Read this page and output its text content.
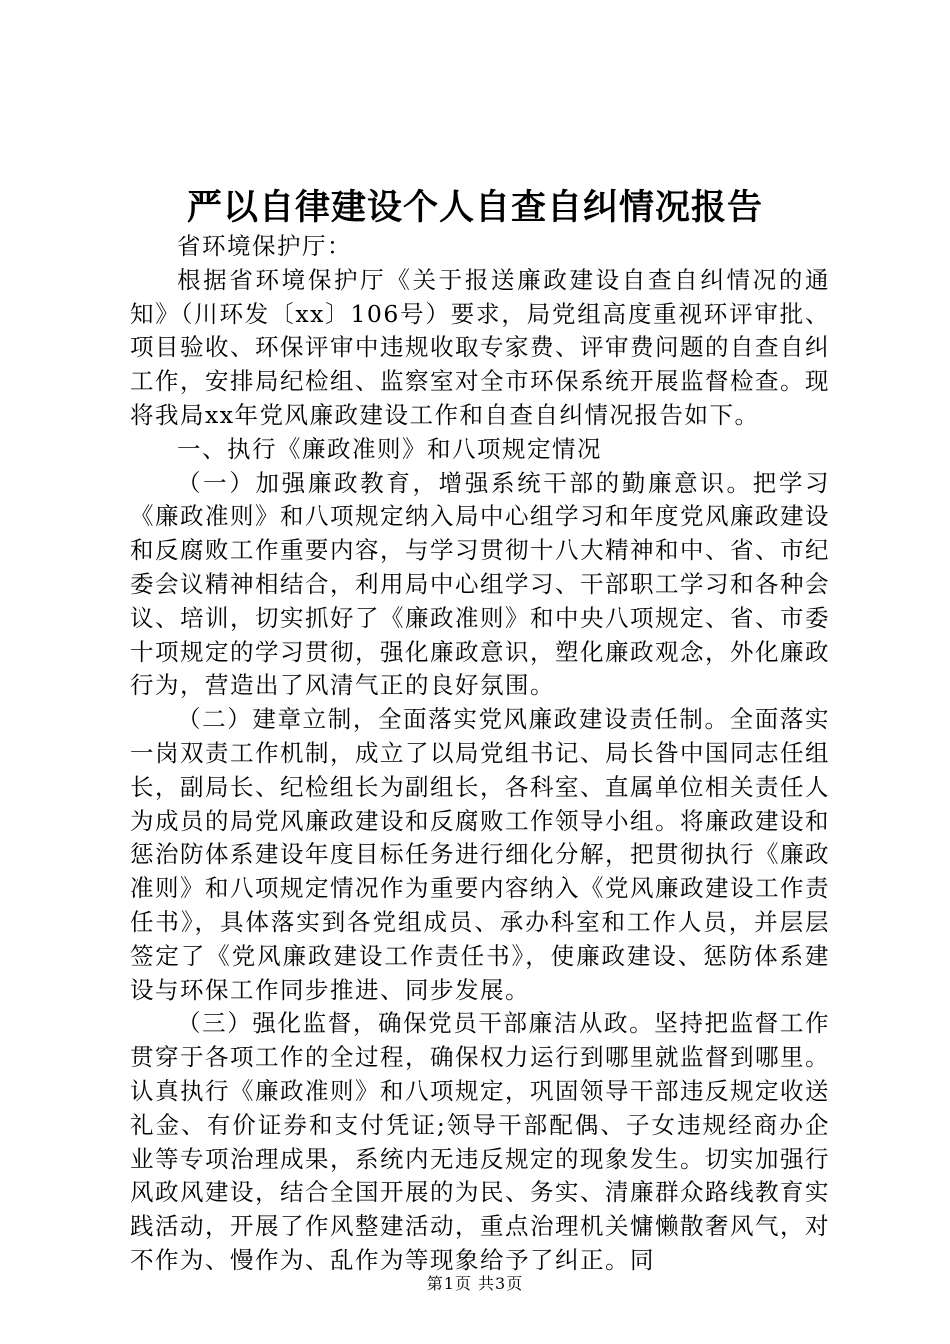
严以自律建设个人自查自纠情况报告

省环境保护厅：

根据省环境保护厅《关于报送廉政建设自查自纠情况的通知》（川环发〔xx〕106号）要求，局党组高度重视环评审批、项目验收、环保评审中违规收取专家费、评审费问题的自查自纠工作，安排局纪检组、监察室对全市环保系统开展监督检查。现将我局xx年党风廉政建设工作和自查自纠情况报告如下。

一、执行《廉政准则》和八项规定情况

（一）加强廉政教育，增强系统干部的勤廉意识。把学习《廉政准则》和八项规定纳入局中心组学习和年度党风廉政建设和反腐败工作重要内容，与学习贯彻十八大精神和中、省、市纪委会议精神相结合，利用局中心组学习、干部职工学习和各种会议、培训，切实抓好了《廉政准则》和中央八项规定、省、市委十项规定的学习贯彻，强化廉政意识，塑化廉政观念，外化廉政行为，营造出了风清气正的良好氛围。

（二）建章立制，全面落实党风廉政建设责任制。全面落实一岗双责工作机制，成立了以局党组书记、局长昝中国同志任组长，副局长、纪检组长为副组长，各科室、直属单位相关责任人为成员的局党风廉政建设和反腐败工作领导小组。将廉政建设和惩治防体系建设年度目标任务进行细化分解，把贯彻执行《廉政准则》和八项规定情况作为重要内容纳入《党风廉政建设工作责任书》，具体落实到各党组成员、承办科室和工作人员，并层层签定了《党风廉政建设工作责任书》，使廉政建设、惩防体系建设与环保工作同步推进、同步发展。

（三）强化监督，确保党员干部廉洁从政。坚持把监督工作贯穿于各项工作的全过程，确保权力运行到哪里就监督到哪里。认真执行《廉政准则》和八项规定，巩固领导干部违反规定收送礼金、有价证券和支付凭证;领导干部配偶、子女违规经商办企业等专项治理成果，系统内无违反规定的现象发生。切实加强行风政风建设，结合全国开展的为民、务实、清廉群众路线教育实践活动，开展了作风整建活动，重点治理机关慵懒散奢风气，对不作为、慢作为、乱作为等现象给予了纠正。同

第1页 共3页
